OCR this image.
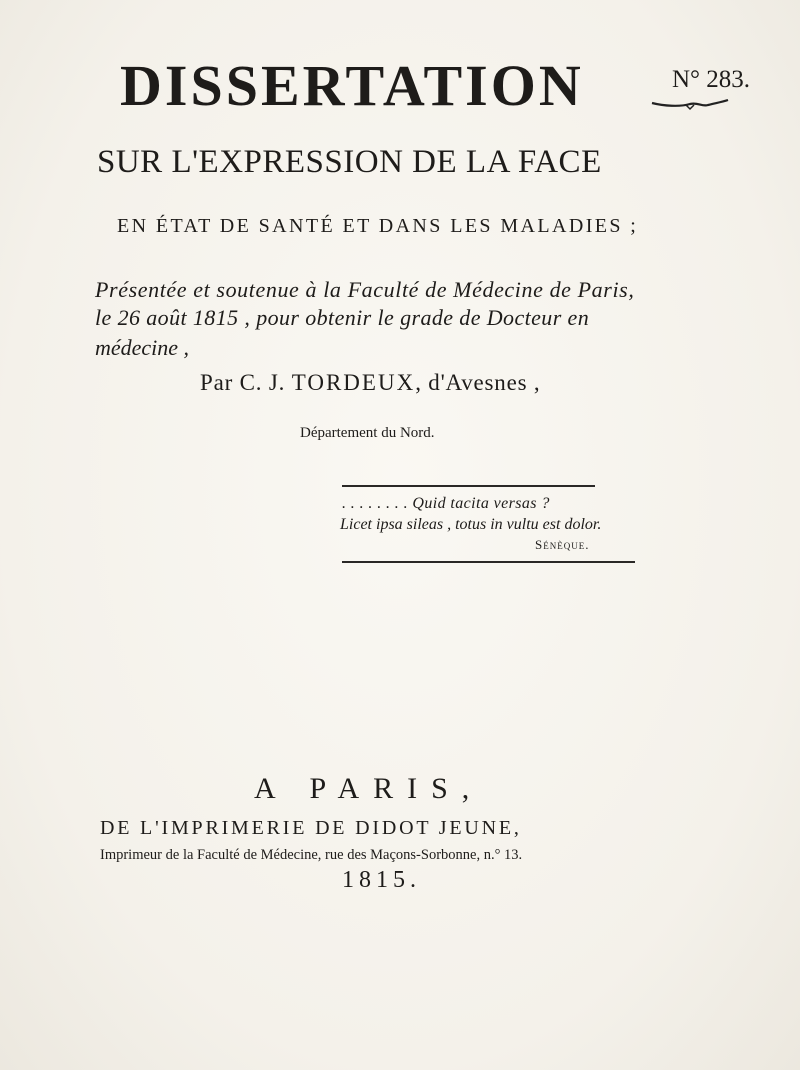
DISSERTATION	N° 283.
SUR L'EXPRESSION DE LA FACE
EN ÉTAT DE SANTÉ ET DANS LES MALADIES ;
Présentée et soutenue à la Faculté de Médecine de Paris,
le 26 août 1815 , pour obtenir le grade de Docteur en
médecine ,
Par C. J. TORDEUX, d'Avesnes ,
Département du Nord.
. . . . . . . . Quid tacita versas ?
Licet ipsa sileas , totus in vultu est dolor.
Sénèque.
A PARIS,
DE L'IMPRIMERIE DE DIDOT JEUNE,
Imprimeur de la Faculté de Médecine, rue des Maçons-Sorbonne, n.° 13.
1815.
